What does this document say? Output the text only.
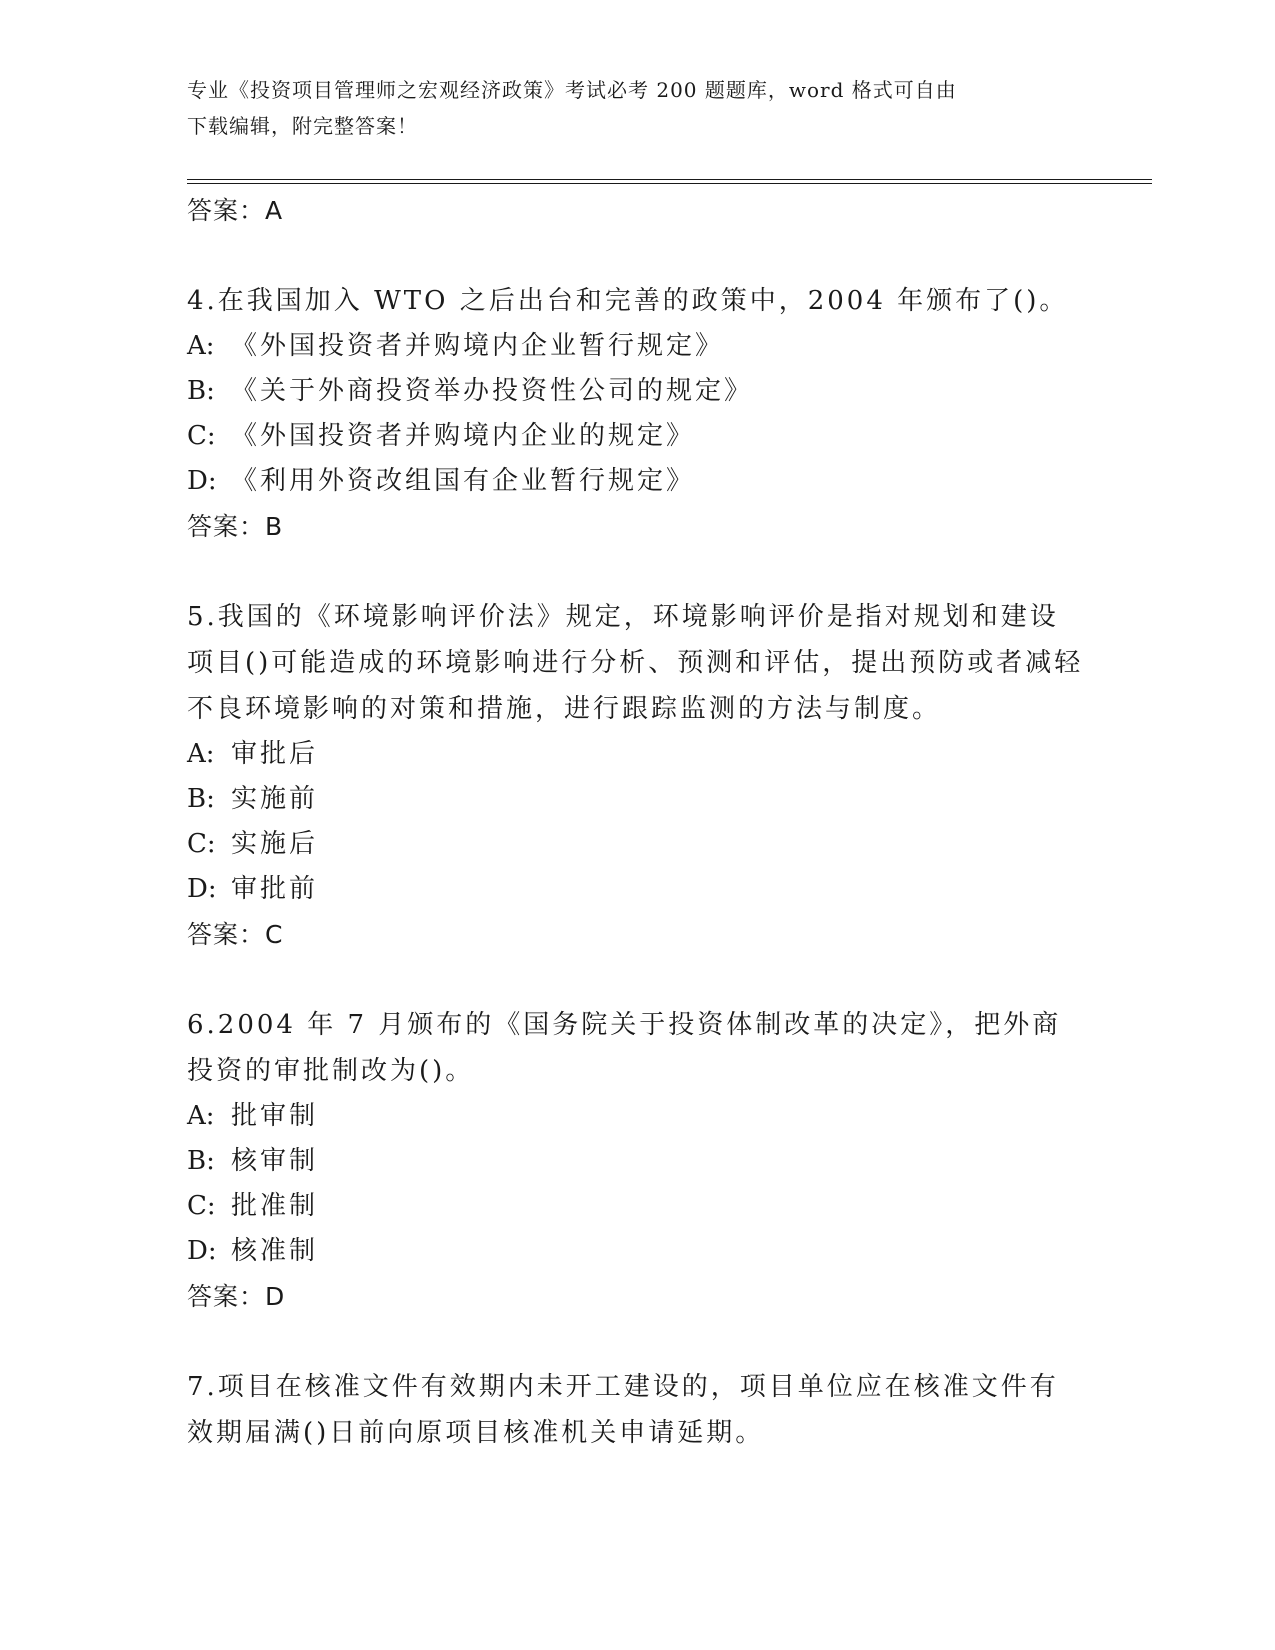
专业《投资项目管理师之宏观经济政策》考试必考 200 题题库，word 格式可自由
下载编辑，附完整答案！
答案：A

4.在我国加入 WTO 之后出台和完善的政策中，2004 年颁布了()。

A: 《外国投资者并购境内企业暂行规定》
B: 《关于外商投资举办投资性公司的规定》
C: 《外国投资者并购境内企业的规定》
D: 《利用外资改组国有企业暂行规定》
答案：B

5.我国的《环境影响评价法》规定，环境影响评价是指对规划和建设项目()可能造成的环境影响进行分析、预测和评估，提出预防或者减轻不良环境影响的对策和措施，进行跟踪监测的方法与制度。

A: 审批后
B: 实施前
C: 实施后
D: 审批前
答案：C

6.2004 年 7 月颁布的《国务院关于投资体制改革的决定》，把外商投资的审批制改为()。

A: 批审制
B: 核审制
C: 批准制
D: 核准制
答案：D

7.项目在核准文件有效期内未开工建设的，项目单位应在核准文件有效期届满()日前向原项目核准机关申请延期。
